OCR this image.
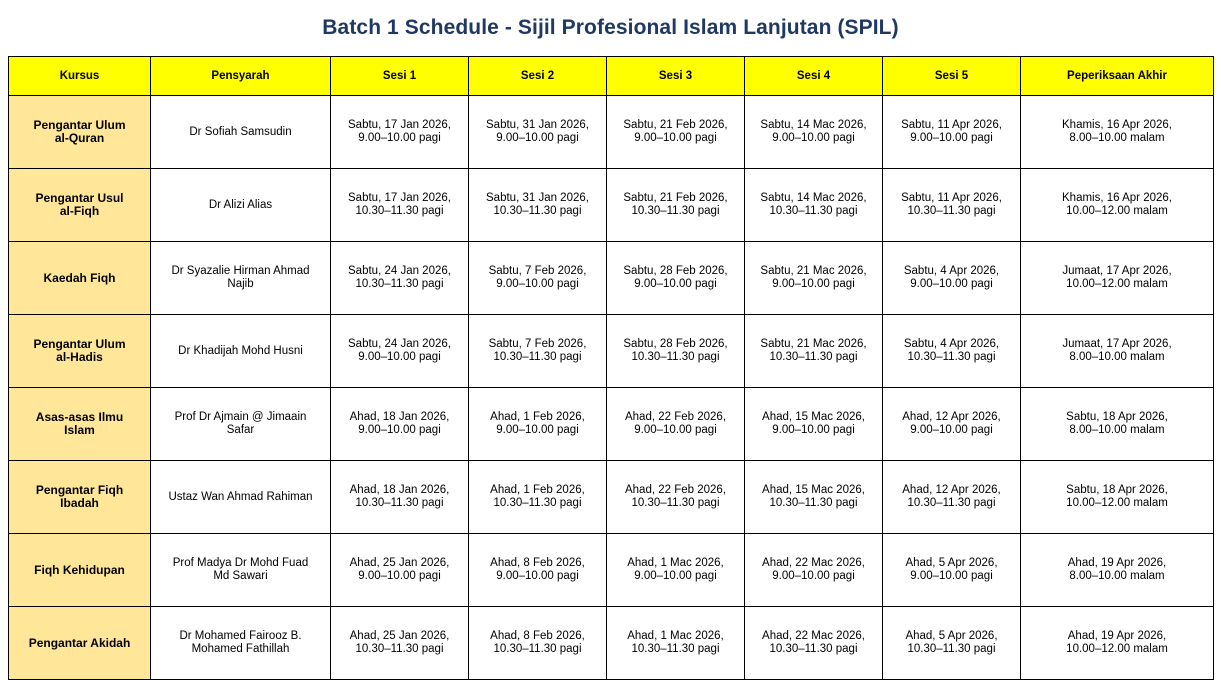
Batch 1 Schedule - Sijil Profesional Islam Lanjutan (SPIL)
Kursus	Pensyarah	Sesi 1	Sesi 2	Sesi 3	Sesi 4	Sesi 5	Peperiksaan Akhir

Pengantar Ulum
al-Quran	Dr Sofiah Samsudin	Sabtu, 17 Jan 2026,
9.00–10.00 pagi	Sabtu, 31 Jan 2026,
9.00–10.00 pagi	Sabtu, 21 Feb 2026,
9.00–10.00 pagi	Sabtu, 14 Mac 2026,
9.00–10.00 pagi	Sabtu, 11 Apr 2026,
9.00–10.00 pagi	Khamis, 16 Apr 2026,
8.00–10.00 malam

Pengantar Usul
al-Fiqh	Dr Alizi Alias	Sabtu, 17 Jan 2026,
10.30–11.30 pagi	Sabtu, 31 Jan 2026,
10.30–11.30 pagi	Sabtu, 21 Feb 2026,
10.30–11.30 pagi	Sabtu, 14 Mac 2026,
10.30–11.30 pagi	Sabtu, 11 Apr 2026,
10.30–11.30 pagi	Khamis, 16 Apr 2026,
10.00–12.00 malam

Kaedah Fiqh	Dr Syazalie Hirman Ahmad
Najib	Sabtu, 24 Jan 2026,
10.30–11.30 pagi	Sabtu, 7 Feb 2026,
9.00–10.00 pagi	Sabtu, 28 Feb 2026,
9.00–10.00 pagi	Sabtu, 21 Mac 2026,
9.00–10.00 pagi	Sabtu, 4 Apr 2026,
9.00–10.00 pagi	Jumaat, 17 Apr 2026,
10.00–12.00 malam

Pengantar Ulum
al-Hadis	Dr Khadijah Mohd Husni	Sabtu, 24 Jan 2026,
9.00–10.00 pagi	Sabtu, 7 Feb 2026,
10.30–11.30 pagi	Sabtu, 28 Feb 2026,
10.30–11.30 pagi	Sabtu, 21 Mac 2026,
10.30–11.30 pagi	Sabtu, 4 Apr 2026,
10.30–11.30 pagi	Jumaat, 17 Apr 2026,
8.00–10.00 malam

Asas-asas Ilmu
Islam	Prof Dr Ajmain @ Jimaain
Safar	Ahad, 18 Jan 2026,
9.00–10.00 pagi	Ahad, 1 Feb 2026,
9.00–10.00 pagi	Ahad, 22 Feb 2026,
9.00–10.00 pagi	Ahad, 15 Mac 2026,
9.00–10.00 pagi	Ahad, 12 Apr 2026,
9.00–10.00 pagi	Sabtu, 18 Apr 2026,
8.00–10.00 malam

Pengantar Fiqh
Ibadah	Ustaz Wan Ahmad Rahiman	Ahad, 18 Jan 2026,
10.30–11.30 pagi	Ahad, 1 Feb 2026,
10.30–11.30 pagi	Ahad, 22 Feb 2026,
10.30–11.30 pagi	Ahad, 15 Mac 2026,
10.30–11.30 pagi	Ahad, 12 Apr 2026,
10.30–11.30 pagi	Sabtu, 18 Apr 2026,
10.00–12.00 malam

Fiqh Kehidupan	Prof Madya Dr Mohd Fuad
Md Sawari	Ahad, 25 Jan 2026,
9.00–10.00 pagi	Ahad, 8 Feb 2026,
9.00–10.00 pagi	Ahad, 1 Mac 2026,
9.00–10.00 pagi	Ahad, 22 Mac 2026,
9.00–10.00 pagi	Ahad, 5 Apr 2026,
9.00–10.00 pagi	Ahad, 19 Apr 2026,
8.00–10.00 malam

Pengantar Akidah	Dr Mohamed Fairooz B.
Mohamed Fathillah	Ahad, 25 Jan 2026,
10.30–11.30 pagi	Ahad, 8 Feb 2026,
10.30–11.30 pagi	Ahad, 1 Mac 2026,
10.30–11.30 pagi	Ahad, 22 Mac 2026,
10.30–11.30 pagi	Ahad, 5 Apr 2026,
10.30–11.30 pagi	Ahad, 19 Apr 2026,
10.00–12.00 malam
